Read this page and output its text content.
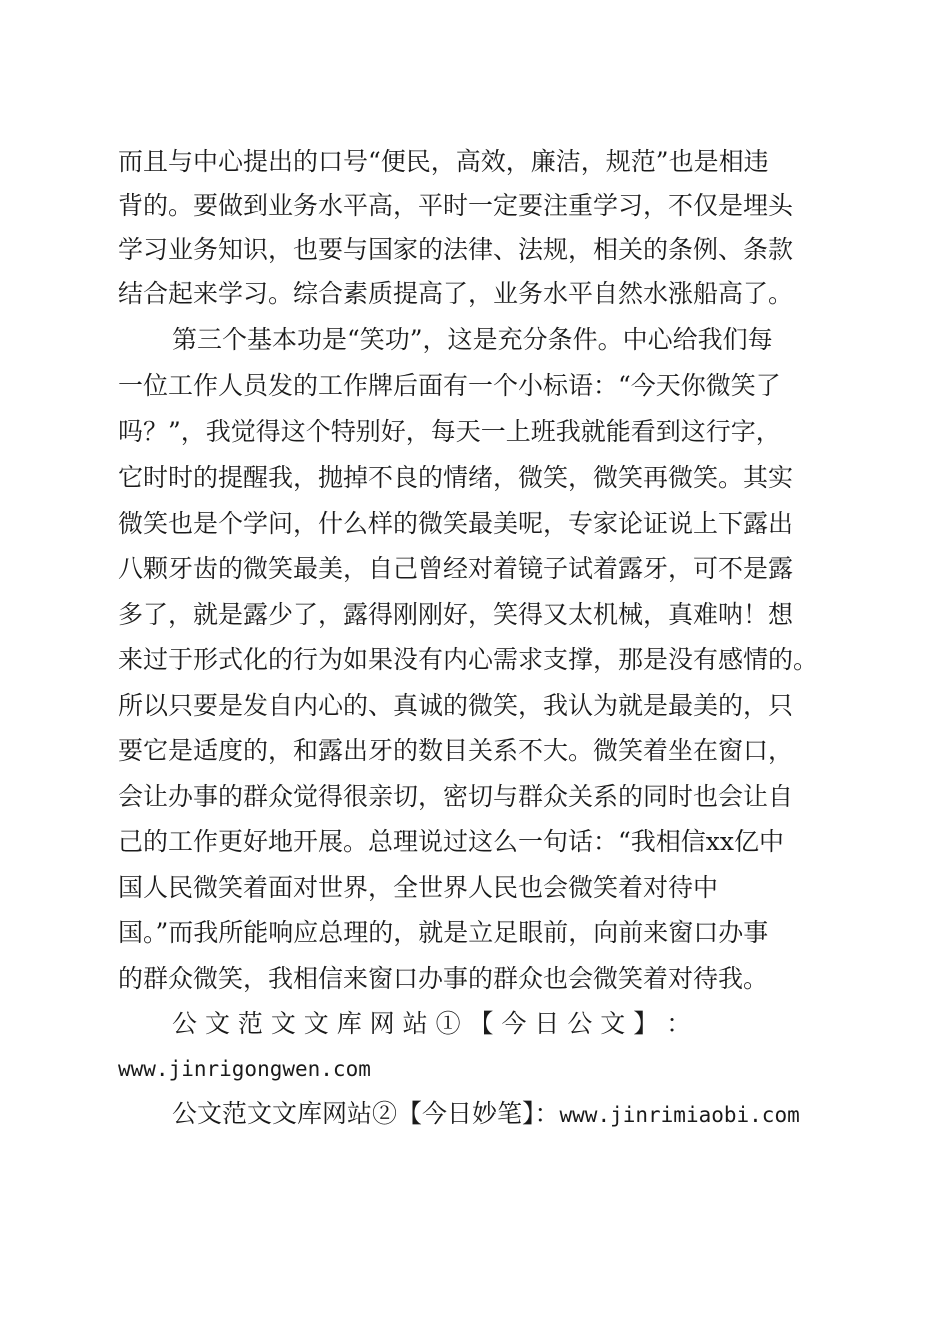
而且与中心提出的口号“便民，高效，廉洁，规范”也是相违
背的。要做到业务水平高，平时一定要注重学习，不仅是埋头
学习业务知识，也要与国家的法律、法规，相关的条例、条款
结合起来学习。综合素质提高了，业务水平自然水涨船高了。
第三个基本功是“笑功”，这是充分条件。中心给我们每
一位工作人员发的工作牌后面有一个小标语：“今天你微笑了
吗？”，我觉得这个特别好，每天一上班我就能看到这行字，
它时时的提醒我，抛掉不良的情绪，微笑，微笑再微笑。其实
微笑也是个学问，什么样的微笑最美呢，专家论证说上下露出
八颗牙齿的微笑最美，自己曾经对着镜子试着露牙，可不是露
多了，就是露少了，露得刚刚好，笑得又太机械，真难呐！想
来过于形式化的行为如果没有内心需求支撑，那是没有感情的。
所以只要是发自内心的、真诚的微笑，我认为就是最美的，只
要它是适度的，和露出牙的数目关系不大。微笑着坐在窗口，
会让办事的群众觉得很亲切，密切与群众关系的同时也会让自
己的工作更好地开展。总理说过这么一句话：“我相信xx亿中
国人民微笑着面对世界，全世界人民也会微笑着对待中
国。”而我所能响应总理的，就是立足眼前，向前来窗口办事
的群众微笑，我相信来窗口办事的群众也会微笑着对待我。
公 文 范 文 文 库 网 站 ① 【 今 日 公 文 】 ：
www.jinrigongwen.com
公文范文文库网站②【今日妙笔】：www.jinrimiaobi.com
